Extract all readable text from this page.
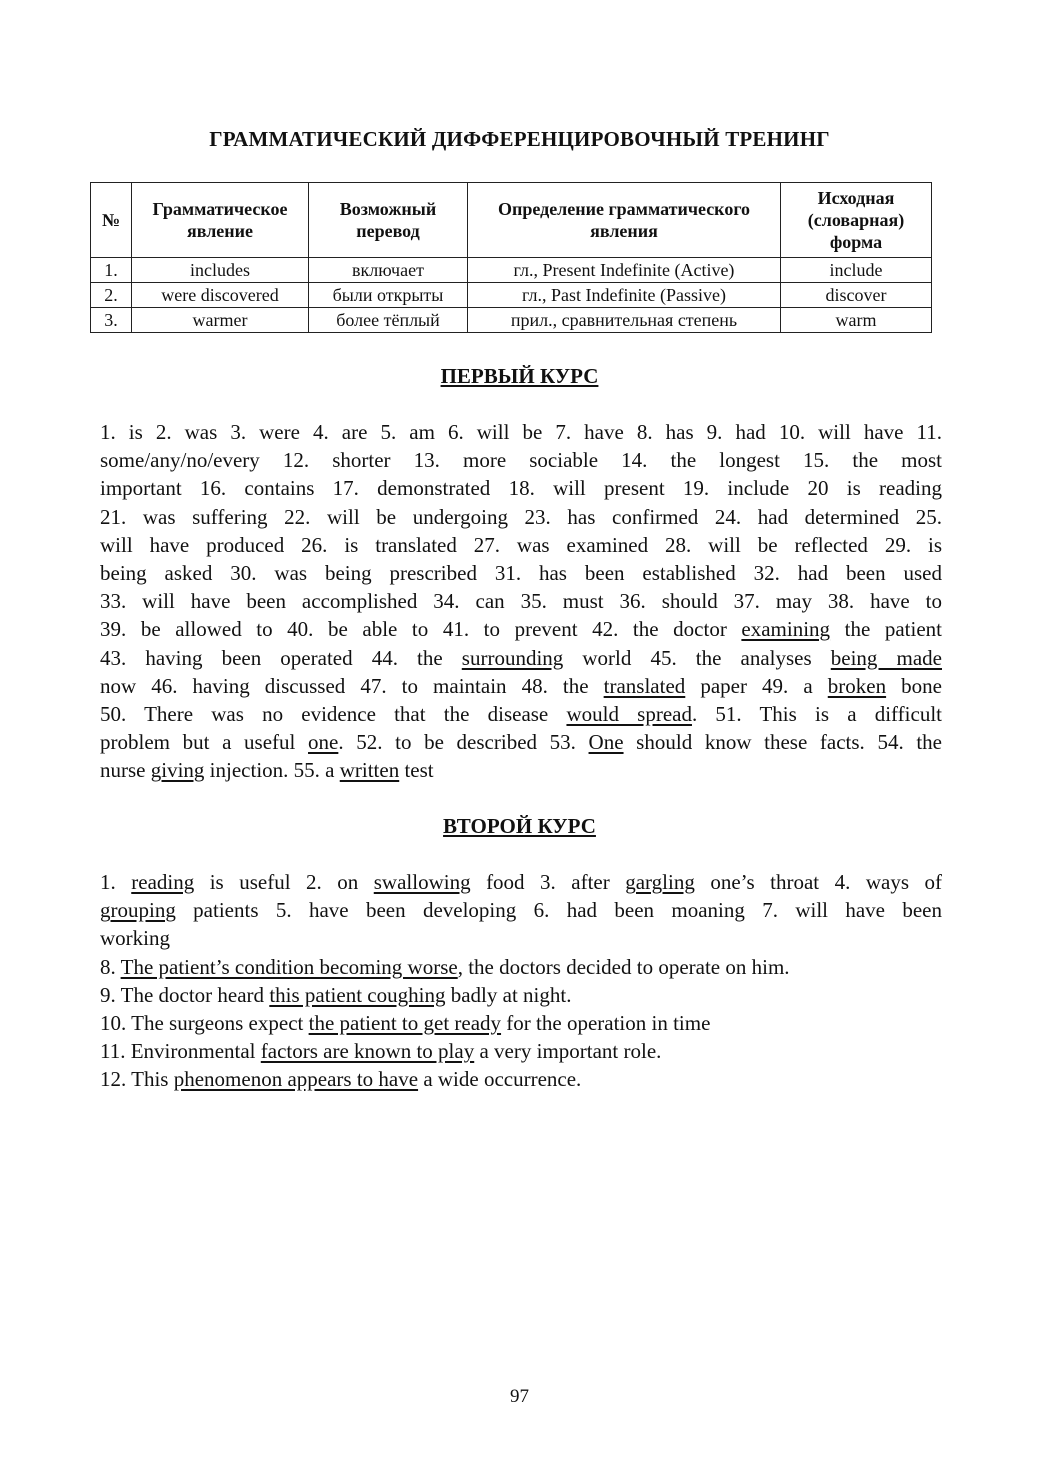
ГРАММАТИЧЕСКИЙ ДИФФЕРЕНЦИРОВОЧНЫЙ ТРЕНИНГ
№	Грамматическое явление	Возможный перевод	Определение грамматического явления	Исходная (словарная) форма
1.	includes	включает	гл., Present Indefinite (Active)	include
2.	were discovered	были открыты	гл., Past Indefinite (Passive)	discover
3.	warmer	более тёплый	прил., сравнительная степень	warm
ПЕРВЫЙ КУРС
1. is 2. was 3. were 4. are 5. am 6. will be 7. have 8. has 9. had 10. will have 11.
some/any/no/every 12. shorter 13. more sociable 14. the longest 15. the most
important 16. contains 17. demonstrated 18. will present 19. include 20 is reading
21. was suffering 22. will be undergoing 23. has confirmed 24. had determined 25.
will have produced 26. is translated 27. was examined 28. will be reflected 29. is
being asked 30. was being prescribed 31. has been established 32. had been used
33. will have been accomplished 34. can 35. must 36. should 37. may 38. have to
39. be allowed to 40. be able to 41. to prevent 42. the doctor examining the patient
43. having been operated 44. the surrounding world 45. the analyses being made
now 46. having discussed 47. to maintain 48. the translated paper 49. a broken bone
50. There was no evidence that the disease would spread. 51. This is a difficult
problem but a useful one. 52. to be described 53. One should know these facts. 54. the
nurse giving injection. 55. a written test
ВТОРОЙ КУРС
1. reading is useful 2. on swallowing food 3. after gargling one’s throat 4. ways of
grouping patients 5. have been developing 6. had been moaning 7. will have been
working
8. The patient’s condition becoming worse, the doctors decided to operate on him.
9. The doctor heard this patient coughing badly at night.
10. The surgeons expect the patient to get ready for the operation in time
11. Environmental factors are known to play a very important role.
12. This phenomenon appears to have a wide occurrence.
97
